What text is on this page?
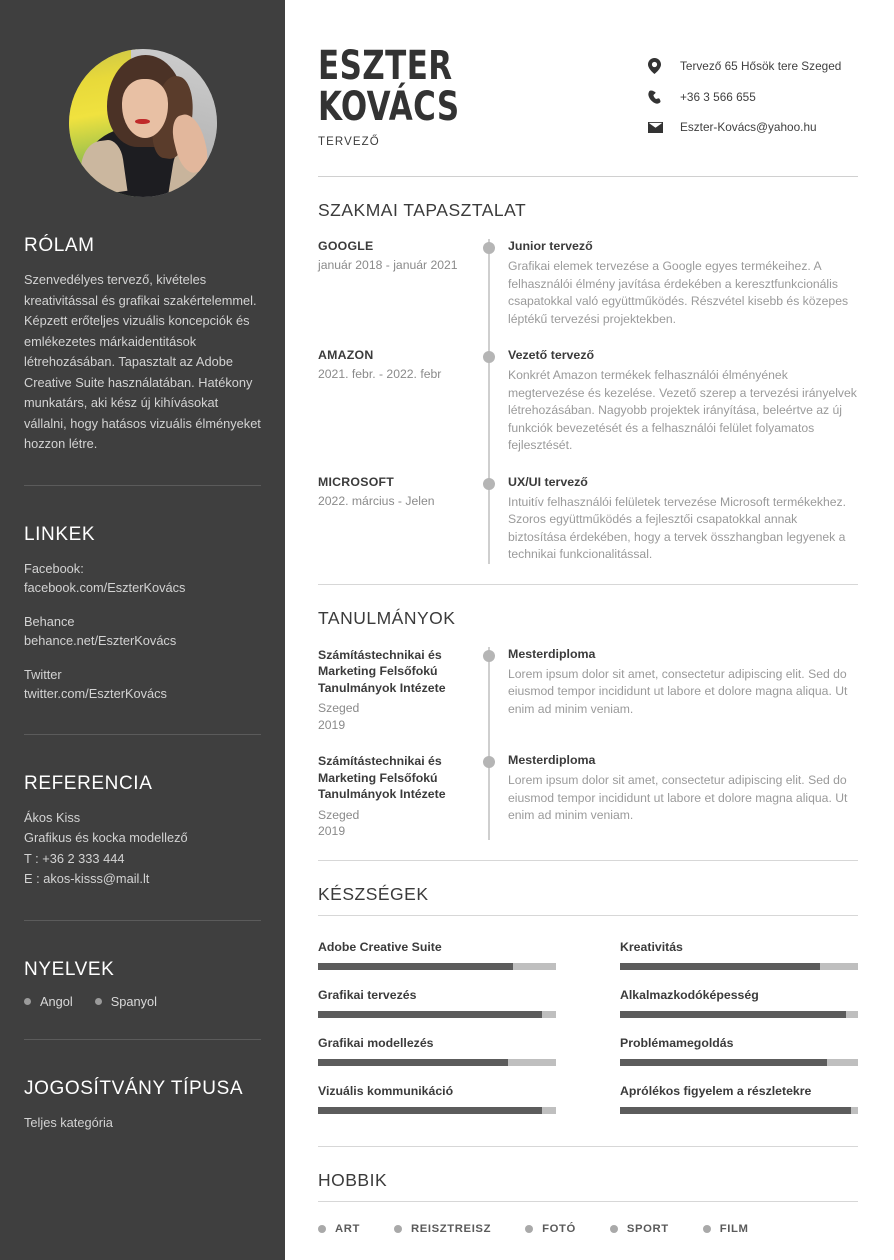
RÓLAM

Szenvedélyes tervező, kivételes kreativitással és grafikai szakértelemmel. Képzett erőteljes vizuális koncepciók és emlékezetes márkaidentitások létrehozásában. Tapasztalt az Adobe Creative Suite használatában. Hatékony munkatárs, aki kész új kihívásokat vállalni, hogy hatásos vizuális élményeket hozzon létre.

LINKEK
Facebook:
facebook.com/EszterKovács
Behance
behance.net/EszterKovács
Twitter
twitter.com/EszterKovács
REFERENCIA
Ákos Kiss
Grafikus és kocka modellező
T : +36 2 333 444
E : akos-kisss@mail.lt
NYELVEK
Angol	Spanyol
JOGOSÍTVÁNY TÍPUSA

Teljes kategória

ESZTER
KOVÁCS
TERVEZŐ
Tervező 65 Hősök tere Szeged
+36 3 566 655
Eszter-Kovács@yahoo.hu
SZAKMAI TAPASZTALAT
GOOGLE
január 2018 - január 2021
Junior tervező
Grafikai elemek tervezése a Google egyes termékeihez. A felhasználói élmény javítása érdekében a keresztfunkcionális csapatokkal való együttműködés. Részvétel kisebb és közepes léptékű tervezési projektekben.
AMAZON
2021. febr. - 2022. febr
Vezető tervező
Konkrét Amazon termékek felhasználói élményének megtervezése és kezelése. Vezető szerep a tervezési irányelvek létrehozásában. Nagyobb projektek irányítása, beleértve az új funkciók bevezetését és a felhasználói felület folyamatos fejlesztését.
MICROSOFT
2022. március - Jelen
UX/UI tervező
Intuitív felhasználói felületek tervezése Microsoft termékekhez. Szoros együttműködés a fejlesztői csapatokkal annak biztosítása érdekében, hogy a tervek összhangban legyenek a technikai funkcionalitással.
TANULMÁNYOK
Számítástechnikai és Marketing Felsőfokú Tanulmányok Intézete
Szeged
2019
Mesterdiploma
Lorem ipsum dolor sit amet, consectetur adipiscing elit. Sed do eiusmod tempor incididunt ut labore et dolore magna aliqua. Ut enim ad minim veniam.
Számítástechnikai és Marketing Felsőfokú Tanulmányok Intézete
Szeged
2019
Mesterdiploma
Lorem ipsum dolor sit amet, consectetur adipiscing elit. Sed do eiusmod tempor incididunt ut labore et dolore magna aliqua. Ut enim ad minim veniam.
KÉSZSÉGEK
Adobe Creative Suite	Kreativitás
Grafikai tervezés	Alkalmazkodóképesség
Grafikai modellezés	Problémamegoldás
Vizuális kommunikáció	Aprólékos figyelem a részletekre
HOBBIK
ART	REISZTREISZ	FOTÓ	SPORT	FILM
